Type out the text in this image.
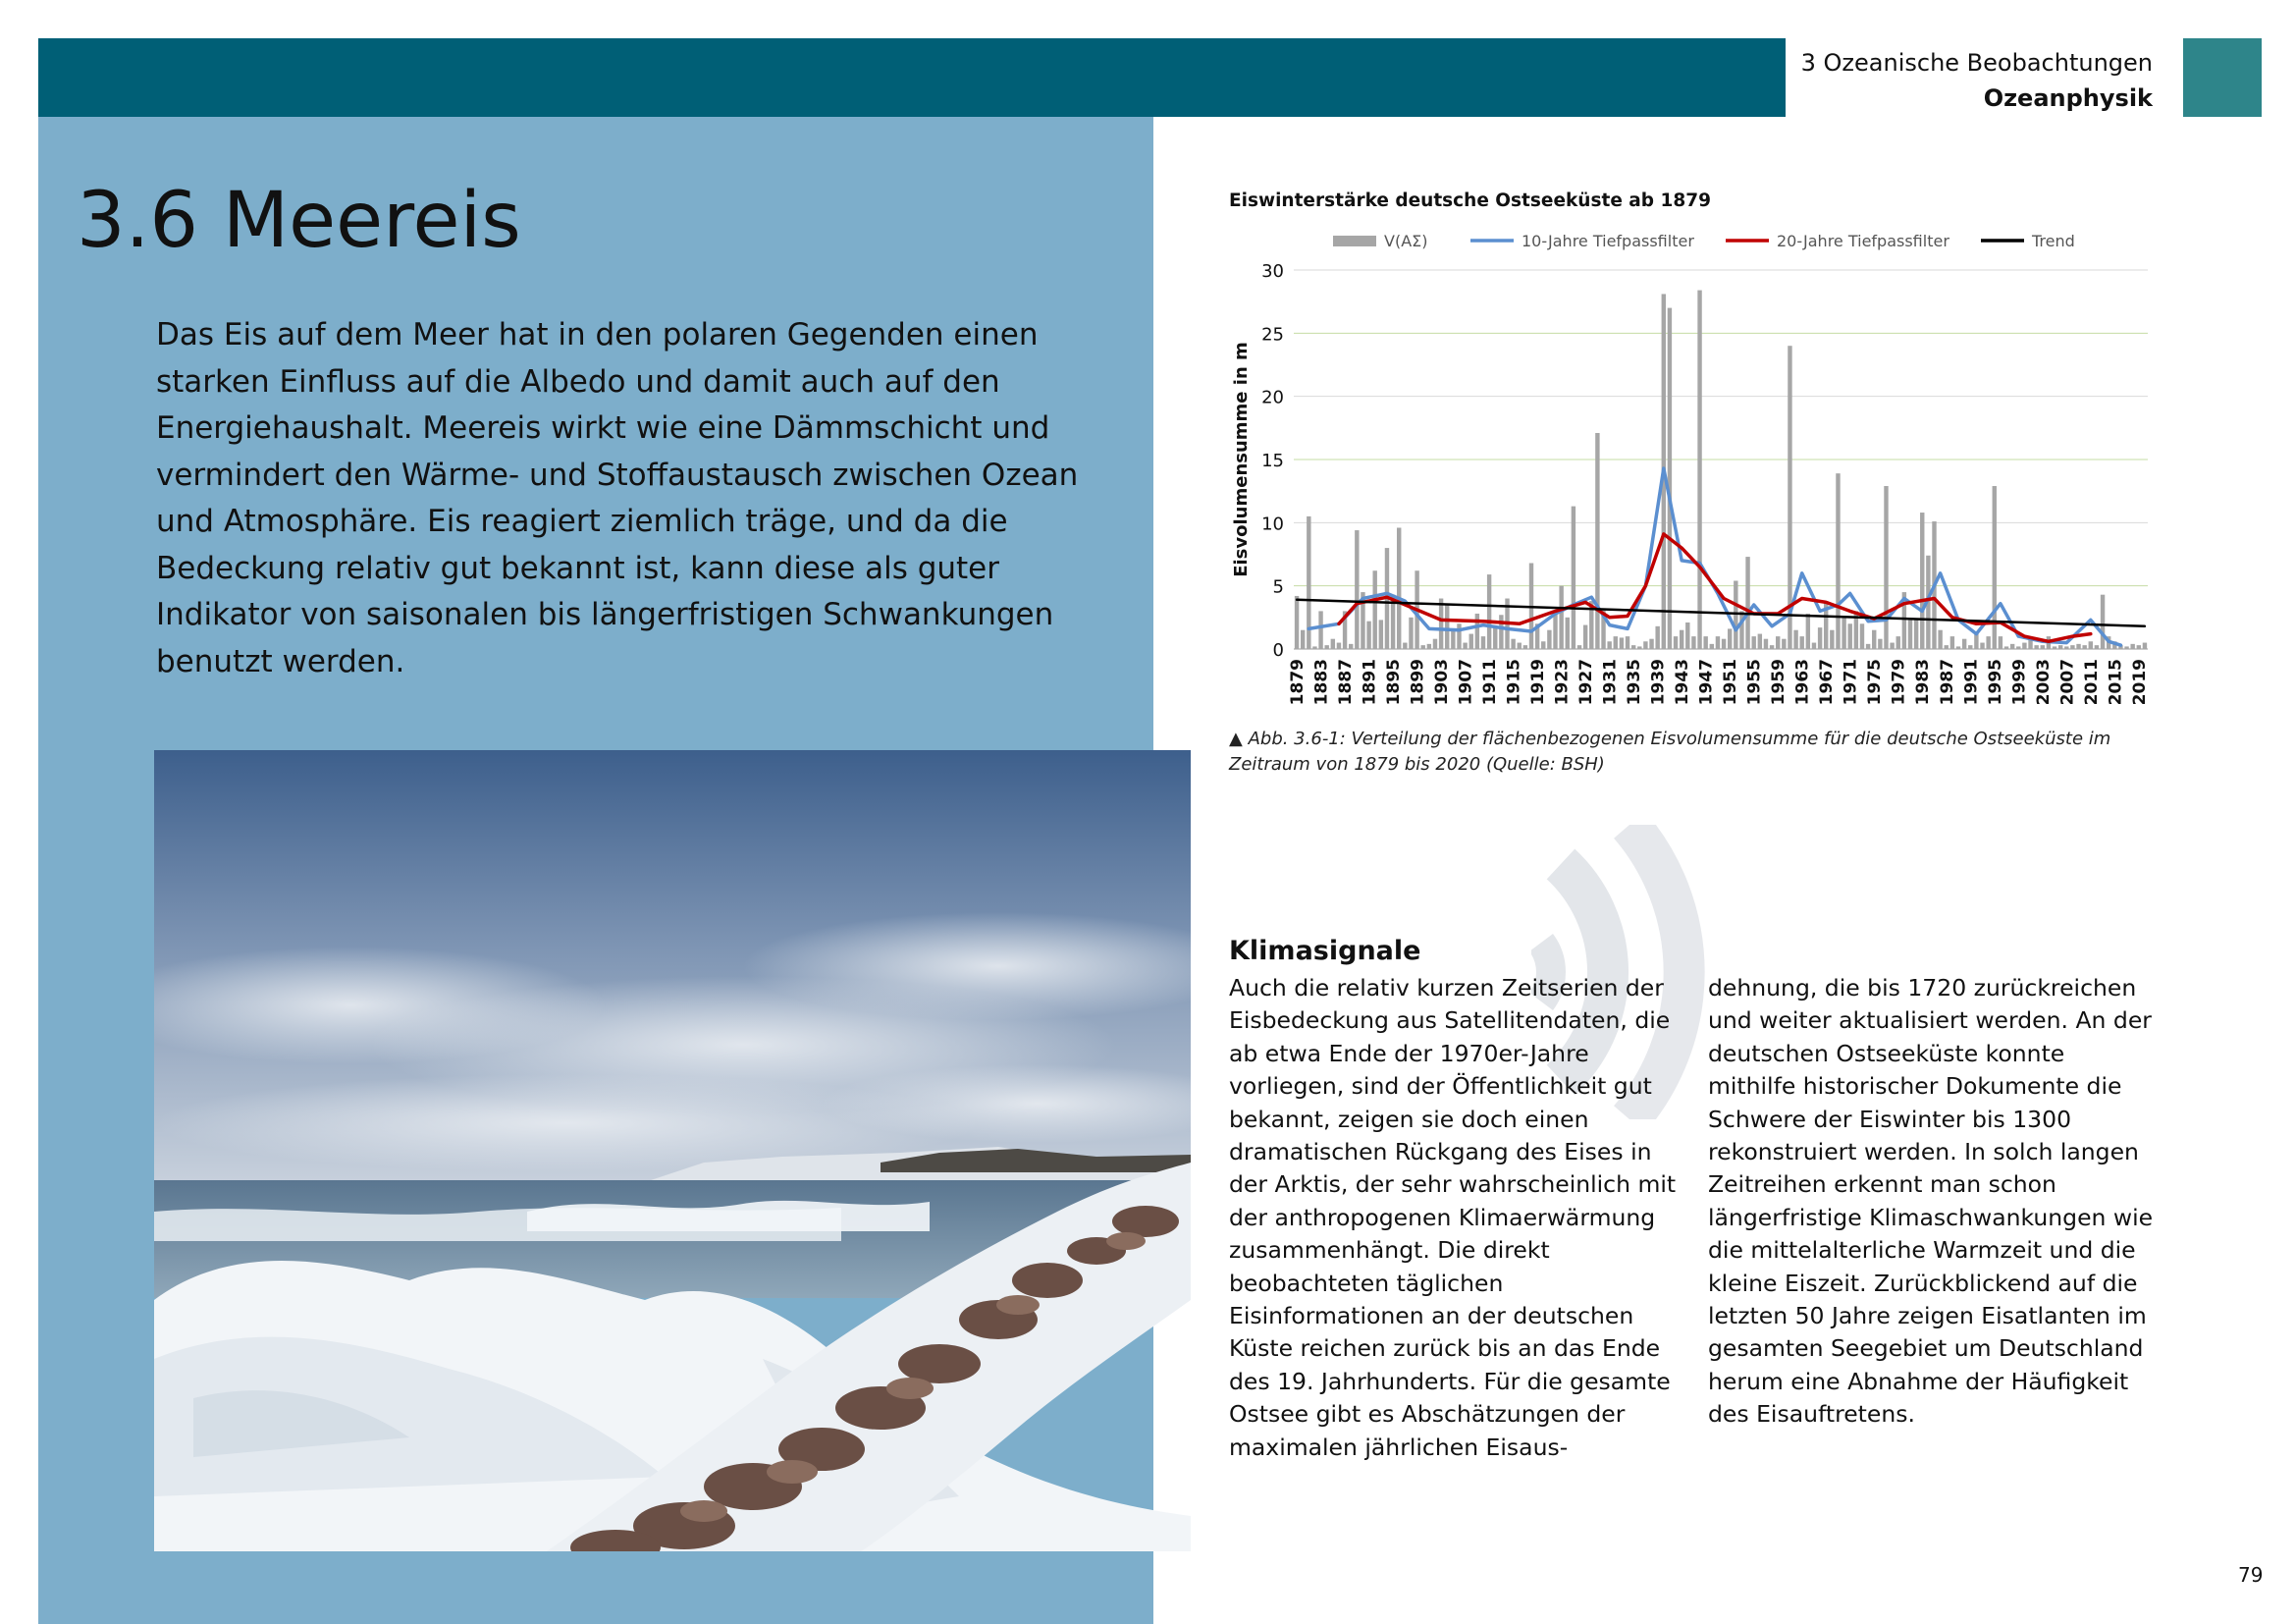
3 Ozeanische Beobachtungen
Ozeanphysik
3.6 Meereis

Das Eis auf dem Meer hat in den polaren Gegenden einen starken Einfluss auf die Albedo und damit auch auf den Energiehaushalt. Meereis wirkt wie eine Dämmschicht und vermindert den Wärme- und Stoffaustausch zwischen Ozean und Atmosphäre. Eis reagiert ziemlich träge, und da die Bedeckung relativ gut bekannt ist, kann diese als guter Indikator von saisonalen bis längerfristigen Schwankungen benutzt werden.

Eiswinterstärke deutsche Ostseeküste ab 1879
0
5
10
15
20
25
30
Eisvolumensumme in m
1879 1883 1887 1891 1895 1899 1903 1907 1911 1915 1919 1923 1927 1931 1935 1939 1943 1947 1951 1955 1959 1963 1967 1971 1975 1979 1983 1987 1991 1995 1999 2003 2007 2011 2015 2019
V(AΣ)	10-Jahre Tiefpassfilter	20-Jahre Tiefpassfilter	Trend
▲ Abb. 3.6-1: Verteilung der flächenbezogenen Eisvolumensumme für die deutsche Ostseeküste im Zeitraum von 1879 bis 2020 (Quelle: BSH)
Klimasignale

Auch die relativ kurzen Zeitserien der Eisbedeckung aus Satellitendaten, die ab etwa Ende der 1970er-Jahre vorliegen, sind der Öffentlichkeit gut bekannt, zeigen sie doch einen dramatischen Rückgang des Eises in der Arktis, der sehr wahrscheinlich mit der anthropogenen Klimaerwärmung zusammenhängt. Die direkt beobachteten täglichen Eisinformationen an der deutschen Küste reichen zurück bis an das Ende des 19. Jahrhunderts. Für die gesamte Ostsee gibt es Abschätzungen der maximalen jährlichen Eisaus-

dehnung, die bis 1720 zurückreichen und weiter aktualisiert werden. An der deutschen Ostseeküste konnte mithilfe historischer Dokumente die Schwere der Eiswinter bis 1300 rekonstruiert werden. In solch langen Zeitreihen erkennt man schon längerfristige Klimaschwankungen wie die mittelalterliche Warmzeit und die kleine Eiszeit. Zurückblickend auf die letzten 50 Jahre zeigen Eisatlanten im gesamten Seegebiet um Deutschland herum eine Abnahme der Häufigkeit des Eisauftretens.

79
